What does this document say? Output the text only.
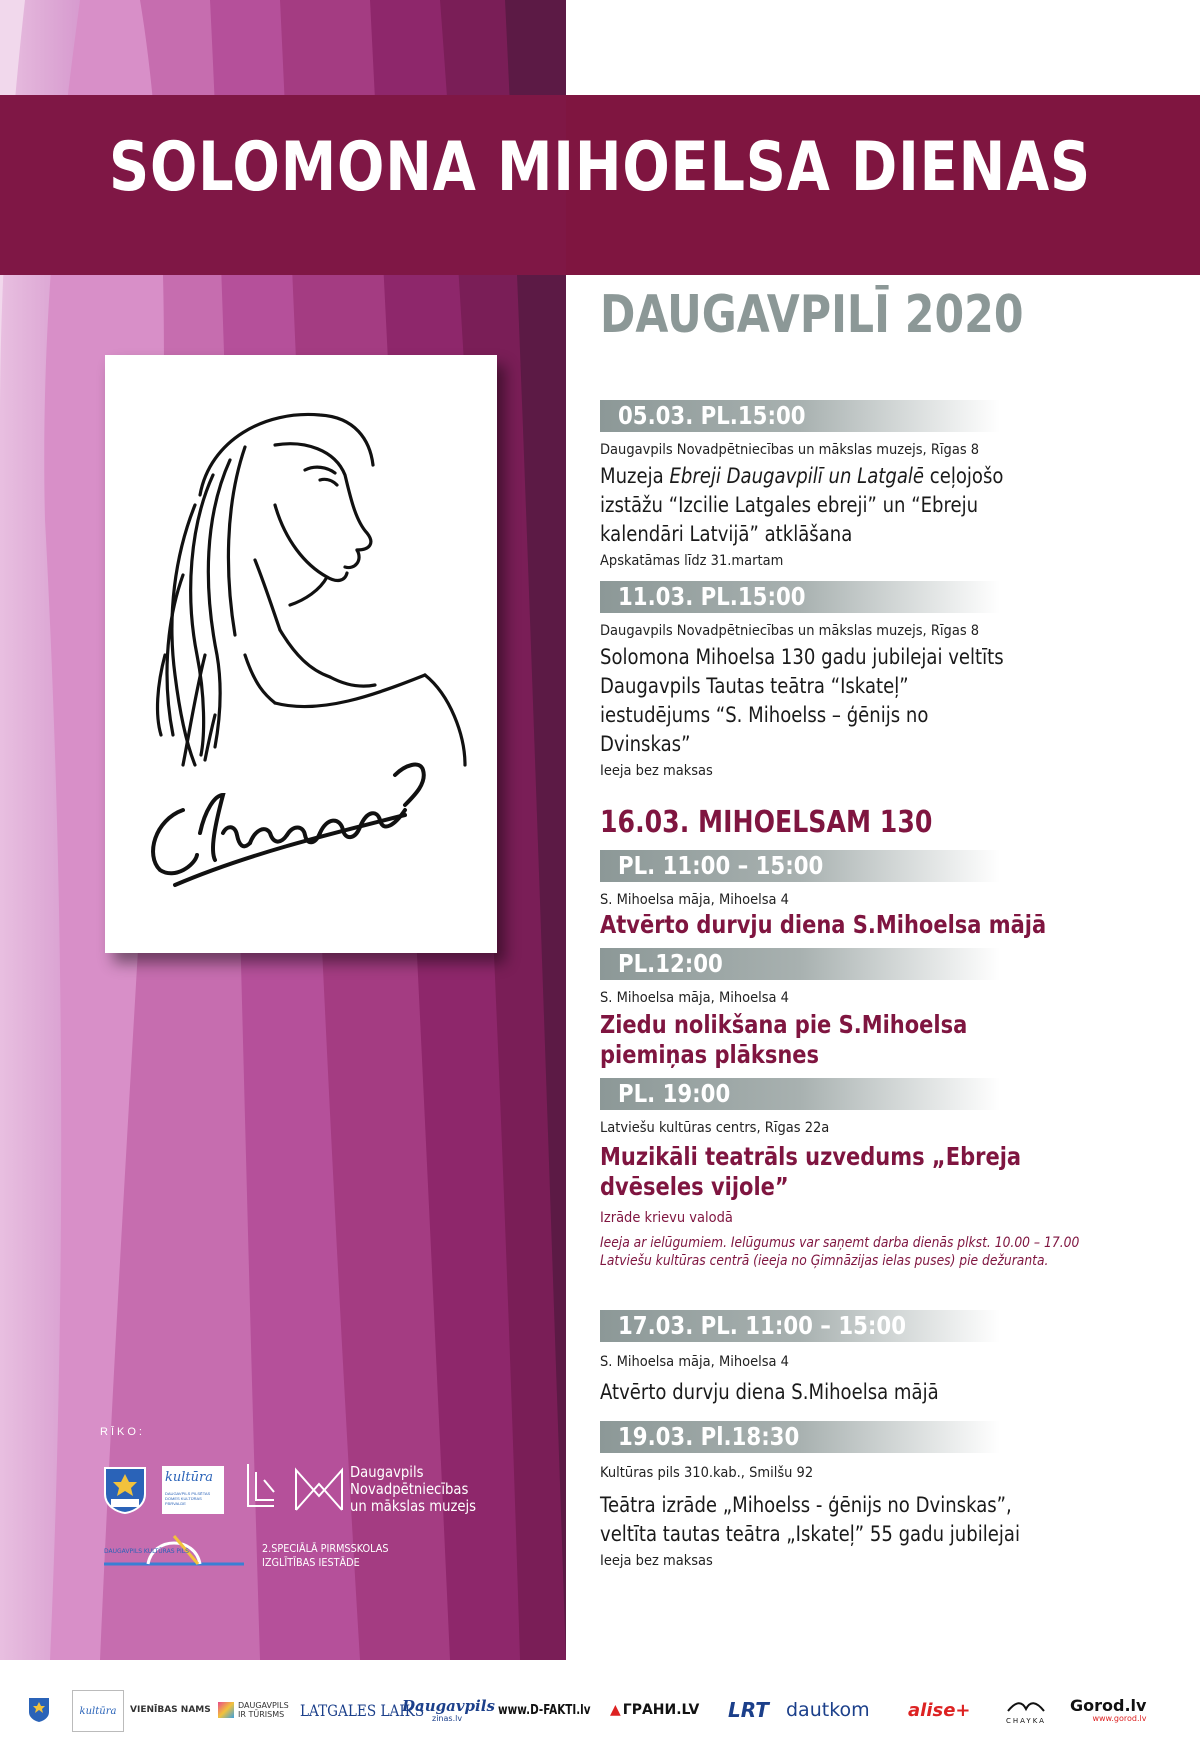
SOLOMONA MIHOELSA DIENAS
DAUGAVPILĪ 2020
05.03. PL.15:00
Daugavpils Novadpētniecības un mākslas muzejs, Rīgas 8
Muzeja Ebreji Daugavpilī un Latgalē ceļojošo izstāžu “Izcilie Latgales ebreji” un “Ebreju kalendāri Latvijā” atklāšana
Apskatāmas līdz 31.martam
11.03. PL.15:00
Daugavpils Novadpētniecības un mākslas muzejs, Rīgas 8
Solomona Mihoelsa 130 gadu jubilejai veltīts Daugavpils Tautas teātra “Iskateļ” iestudējums “S. Mihoelss – ģēnijs no Dvinskas”
Ieeja bez maksas
16.03. MIHOELSAM 130
PL. 11:00 – 15:00
S. Mihoelsa māja, Mihoelsa 4
Atvērto durvju diena S.Mihoelsa mājā
PL.12:00
S. Mihoelsa māja, Mihoelsa 4
Ziedu nolikšana pie S.Mihoelsa piemiņas plāksnes
PL. 19:00
Latviešu kultūras centrs, Rīgas 22a
Muzikāli teatrāls uzvedums „Ebreja dvēseles vijole”
Izrāde krievu valodā
Ieeja ar ielūgumiem. Ielūgumus var saņemt darba dienās plkst. 10.00 – 17.00
Latviešu kultūras centrā (ieeja no Ģimnāzijas ielas puses) pie dežuranta.
17.03. PL. 11:00 – 15:00
S. Mihoelsa māja, Mihoelsa 4
Atvērto durvju diena S.Mihoelsa mājā
19.03. Pl.18:30
Kultūras pils 310.kab., Smilšu 92
Teātra izrāde „Mihoelss - ģēnijs no Dvinskas”, veltīta tautas teātra „Iskateļ” 55 gadu jubilejai
Ieeja bez maksas
RĪKO:
kultūra
DAUGAVPILS PILSĒTAS DOMES KULTŪRAS PĀRVALDE
Daugavpils
Novadpētniecības
un mākslas muzejs
DAUGAVPILS KULTŪRAS PILS	2.SPECIĀLĀ PIRMSSKOLAS
IZGLĪTĪBAS IESTĀDE
kultūra VIENĪBAS NAMS	DAUGAVPILS IR TŪRISMS LATGALES LAIKS
Daugavpils
zinas.lv
www.D-FAKTI.lv ▲ ГРАНИ.LV LRT dautkom alise+
CHAYKA
Gorod.lv
www.gorod.lv
